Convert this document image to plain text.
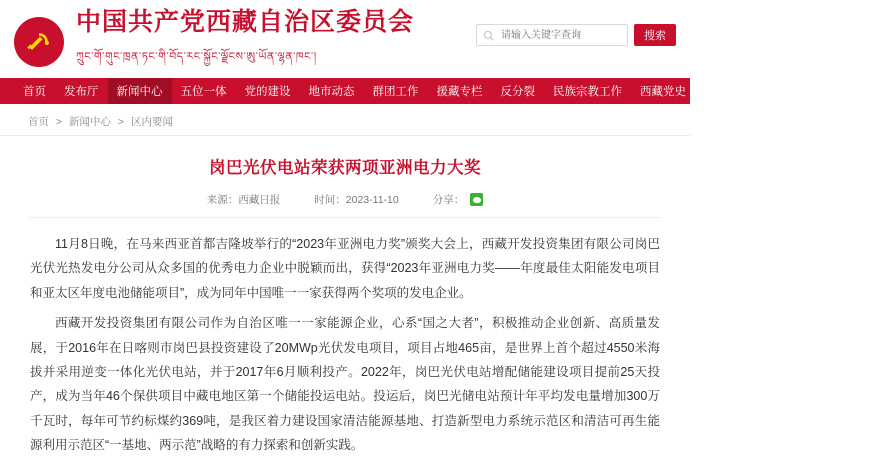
中国共产党西藏自治区委员会
ཀྲུང་གོ་གུང་ཁྲན་ཏང་གི་བོད་རང་སྐྱོང་ལྗོངས་ཨུ་ཡོན་ལྷན་ཁང་།
请输入关键字查询
搜索
首页	发布厅	新闻中心	五位一体	党的建设	地市动态	群团工作	援藏专栏	反分裂	民族宗教工作	西藏党史	视频中心	资料库	党报党刊
首页 > 新闻中心 > 区内要闻
岗巴光伏电站荣获两项亚洲电力大奖
来源：西藏日报	时间：2023-11-10	分享：

11月8日晚，在马来西亚首都吉隆坡举行的“2023年亚洲电力奖”颁奖大会上，西藏开发投资集团有限公司岗巴光伏光热发电分公司从众多国的优秀电力企业中脱颖而出，获得“2023年亚洲电力奖——年度最佳太阳能发电项目和亚太区年度电池储能项目”，成为同年中国唯一一家获得两个奖项的发电企业。

西藏开发投资集团有限公司作为自治区唯一一家能源企业，心系“国之大者”，积极推动企业创新、高质量发展，于2016年在日喀则市岗巴县投资建设了20MWp光伏发电项目，项目占地465亩，是世界上首个超过4550米海拔并采用逆变一体化光伏电站，并于2017年6月顺利投产。2022年，岗巴光伏电站增配储能建设项目提前25天投产，成为当年46个保供项目中藏电地区第一个储能投运电站。投运后，岗巴光储电站预计年平均发电量增加300万千瓦时，每年可节约标煤约369吨，是我区着力建设国家清洁能源基地、打造新型电力系统示范区和清洁可再生能源利用示范区“一基地、两示范”战略的有力探索和创新实践。
